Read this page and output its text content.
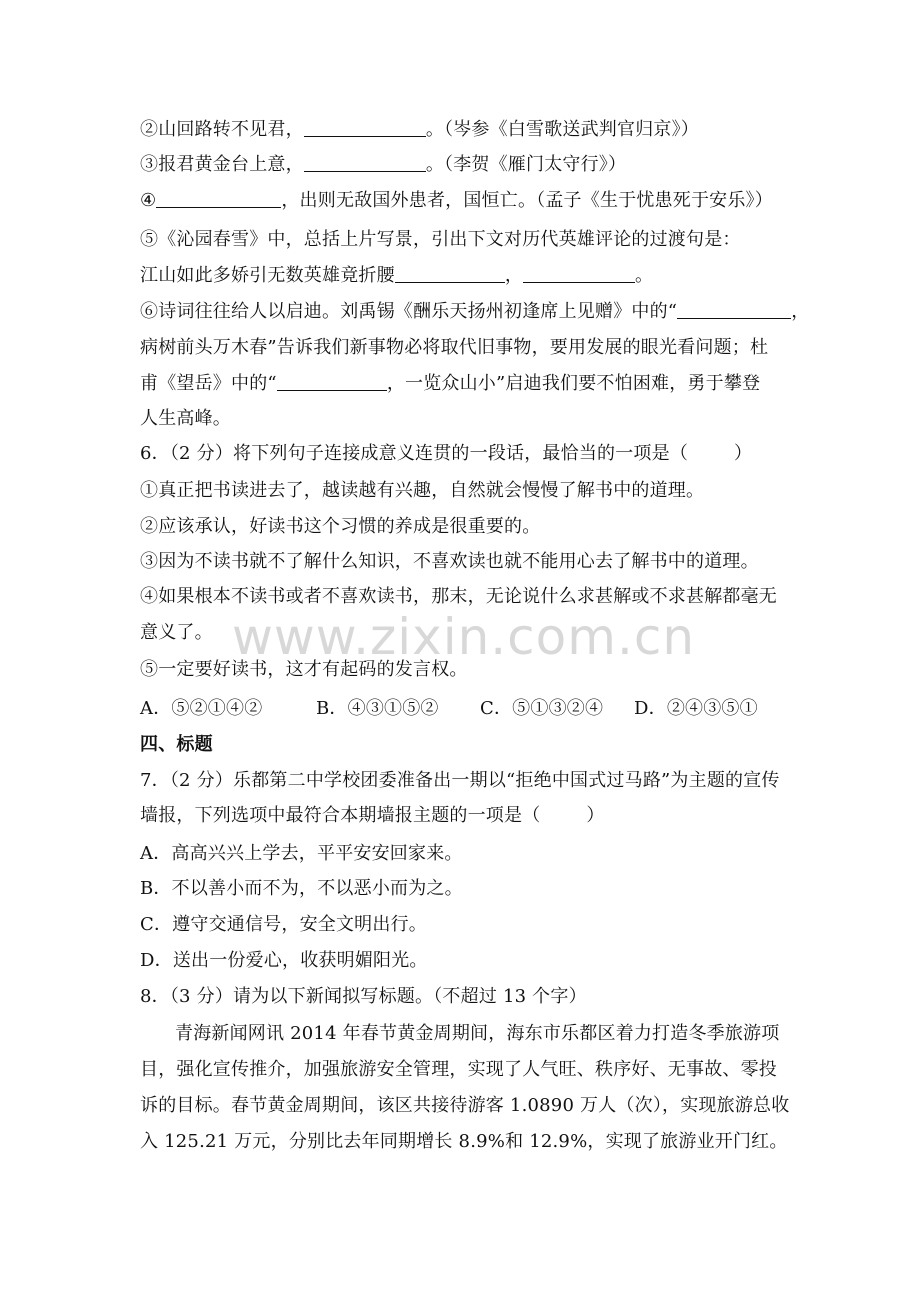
②山回路转不见君，	。（岑参《白雪歌送武判官归京》）
③报君黄金台上意，	。（李贺《雁门太守行》）
④	，出则无敌国外患者，国恒亡。（孟子《生于忧患死于安乐》）
⑤《沁园春雪》中，总括上片写景，引出下文对历代英雄评论的过渡句是：
江山如此多娇引无数英雄竟折腰	，	。
⑥诗词往往给人以启迪。刘禹锡《酬乐天扬州初逢席上见赠》中的“	，
病树前头万木春”告诉我们新事物必将取代旧事物，要用发展的眼光看问题；杜
甫《望岳》中的“	，一览众山小”启迪我们要不怕困难，勇于攀登
人生高峰。
6．（2 分）将下列句子连接成意义连贯的一段话，最恰当的一项是（	）
①真正把书读进去了，越读越有兴趣，自然就会慢慢了解书中的道理。
②应该承认，好读书这个习惯的养成是很重要的。
③因为不读书就不了解什么知识，不喜欢读也就不能用心去了解书中的道理。
④如果根本不读书或者不喜欢读书，那末，无论说什么求甚解或不求甚解都毫无
意义了。
⑤一定要好读书，这才有起码的发言权。
A．⑤②①④②	B．④③①⑤② C．⑤①③②④ D．②④③⑤①
四、标题
7．（2 分）乐都第二中学校团委准备出一期以“拒绝中国式过马路”为主题的宣传
墙报，下列选项中最符合本期墙报主题的一项是（	）
A．高高兴兴上学去，平平安安回家来。
B．不以善小而不为，不以恶小而为之。
C．遵守交通信号，安全文明出行。
D．送出一份爱心，收获明媚阳光。
8．（3 分）请为以下新闻拟写标题。（不超过 13 个字）
青海新闻网讯 2014 年春节黄金周期间，海东市乐都区着力打造冬季旅游项
目，强化宣传推介，加强旅游安全管理，实现了人气旺、秩序好、无事故、零投
诉的目标。春节黄金周期间，该区共接待游客 1.0890 万人（次），实现旅游总收
入 125.21 万元，分别比去年同期增长 8.9%和 12.9%，实现了旅游业开门红。
www.zixin.com.cn
